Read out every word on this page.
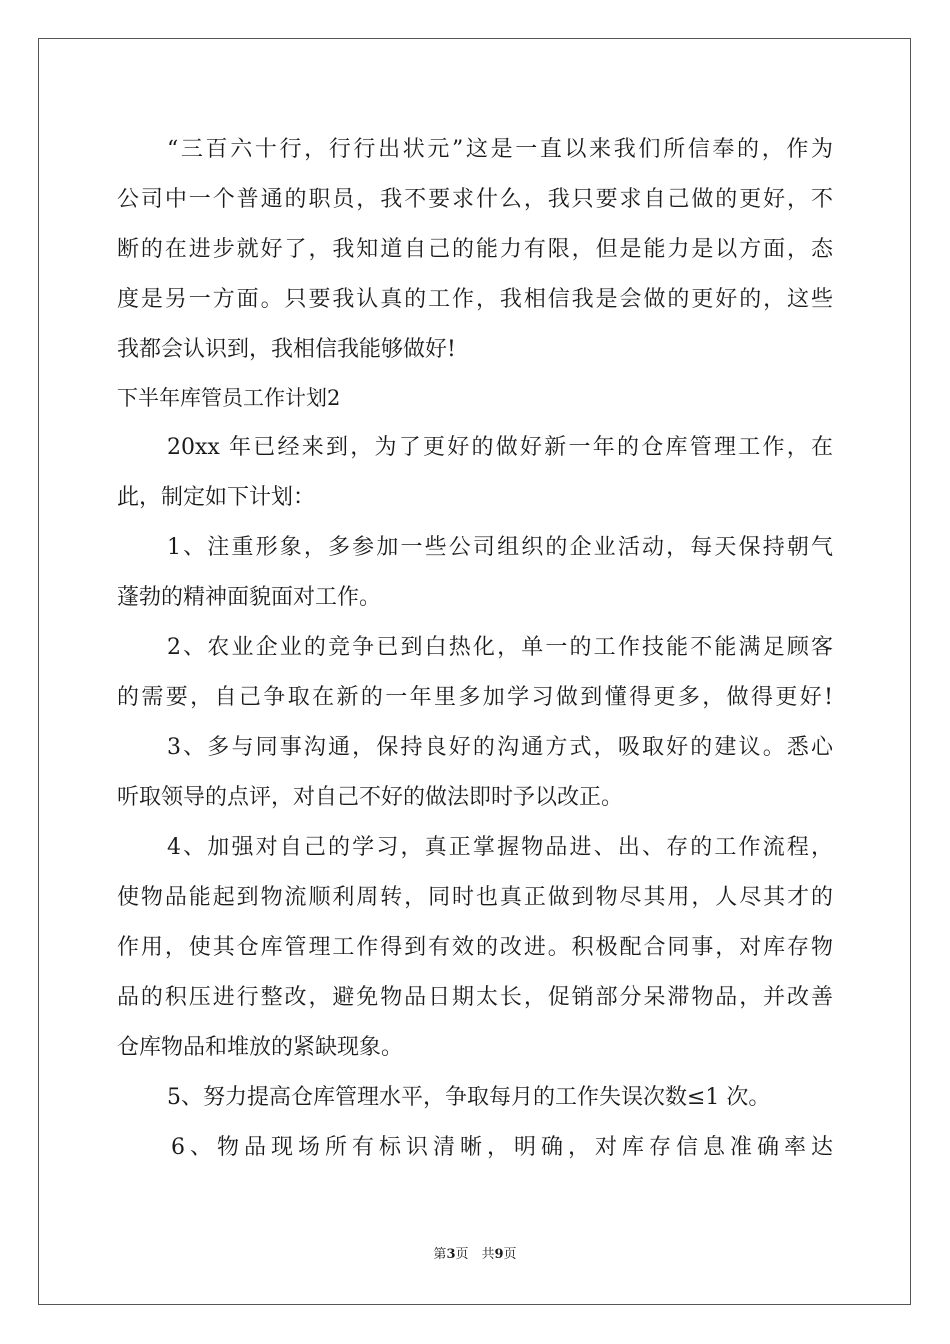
“三百六十行，行行出状元”这是一直以来我们所信奉的，作为
公司中一个普通的职员，我不要求什么，我只要求自己做的更好，不
断的在进步就好了，我知道自己的能力有限，但是能力是以方面，态
度是另一方面。只要我认真的工作，我相信我是会做的更好的，这些
我都会认识到，我相信我能够做好!
下半年库管员工作计划2
20xx 年已经来到，为了更好的做好新一年的仓库管理工作，在
此，制定如下计划：
1、注重形象，多参加一些公司组织的企业活动，每天保持朝气
蓬勃的精神面貌面对工作。
2、农业企业的竞争已到白热化，单一的工作技能不能满足顾客
的需要，自己争取在新的一年里多加学习做到懂得更多，做得更好!
3、多与同事沟通，保持良好的沟通方式，吸取好的建议。悉心
听取领导的点评，对自己不好的做法即时予以改正。
4、加强对自己的学习，真正掌握物品进、出、存的工作流程，
使物品能起到物流顺利周转，同时也真正做到物尽其用，人尽其才的
作用，使其仓库管理工作得到有效的改进。积极配合同事，对库存物
品的积压进行整改，避免物品日期太长，促销部分呆滞物品，并改善
仓库物品和堆放的紧缺现象。
5、努力提高仓库管理水平，争取每月的工作失误次数≤1 次。
6、物品现场所有标识清晰，明确，对库存信息准确率达
第3页　共9页
